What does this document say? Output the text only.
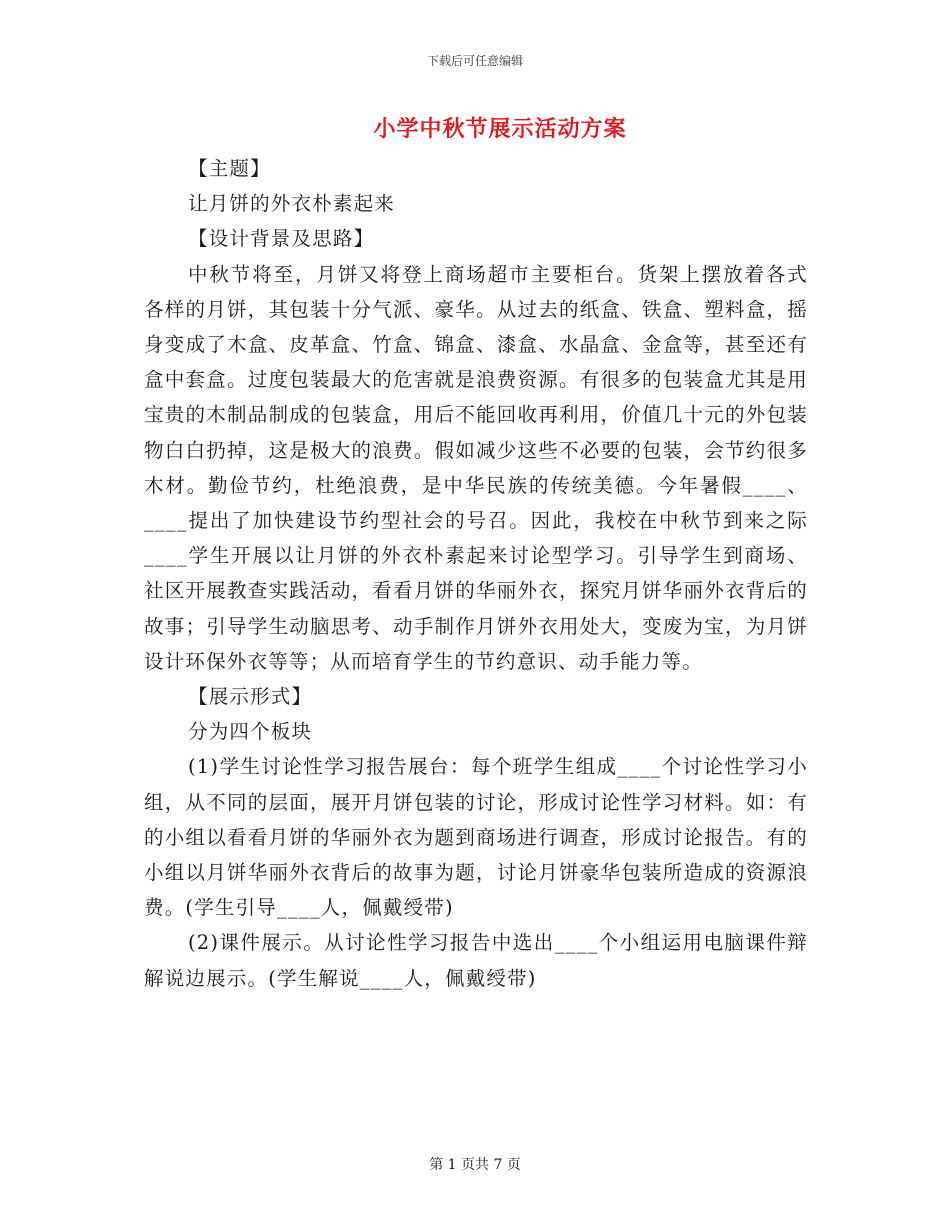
下载后可任意编辑
小学中秋节展示活动方案

【主题】

让月饼的外衣朴素起来

【设计背景及思路】

中秋节将至，月饼又将登上商场超市主要柜台。货架上摆放着各式各样的月饼，其包装十分气派、豪华。从过去的纸盒、铁盒、塑料盒，摇身变成了木盒、皮革盒、竹盒、锦盒、漆盒、水晶盒、金盒等，甚至还有盒中套盒。过度包装最大的危害就是浪费资源。有很多的包装盒尤其是用宝贵的木制品制成的包装盒，用后不能回收再利用，价值几十元的外包装物白白扔掉，这是极大的浪费。假如减少这些不必要的包装，会节约很多木材。勤俭节约，杜绝浪费，是中华民族的传统美德。今年暑假____、____提出了加快建设节约型社会的号召。因此，我校在中秋节到来之际____学生开展以让月饼的外衣朴素起来讨论型学习。引导学生到商场、社区开展教查实践活动，看看月饼的华丽外衣，探究月饼华丽外衣背后的故事；引导学生动脑思考、动手制作月饼外衣用处大，变废为宝，为月饼设计环保外衣等等；从而培育学生的节约意识、动手能力等。

【展示形式】

分为四个板块

(1)学生讨论性学习报告展台：每个班学生组成____个讨论性学习小组，从不同的层面，展开月饼包装的讨论，形成讨论性学习材料。如：有的小组以看看月饼的华丽外衣为题到商场进行调查，形成讨论报告。有的小组以月饼华丽外衣背后的故事为题，讨论月饼豪华包装所造成的资源浪费。(学生引导____人，佩戴绶带)

(2)课件展示。从讨论性学习报告中选出____个小组运用电脑课件辩解说边展示。(学生解说____人，佩戴绶带)

第 1 页共 7 页
